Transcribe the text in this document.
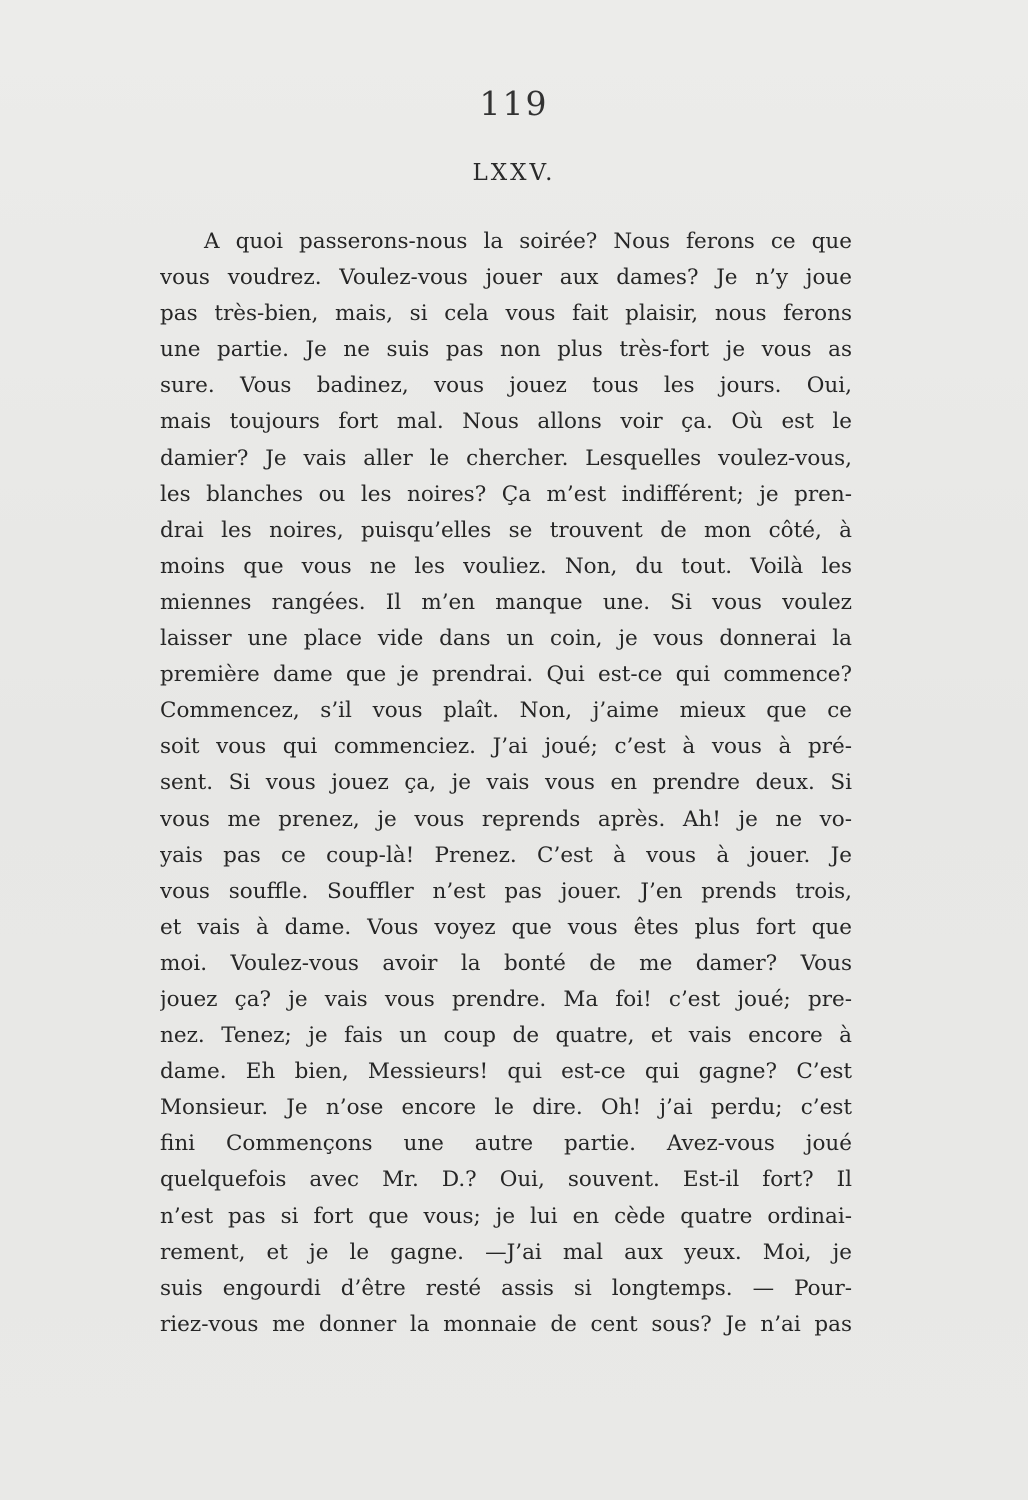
119
LXXV.
A quoi passerons-nous la soirée? Nous ferons ce que
vous voudrez. Voulez-vous jouer aux dames? Je n’y joue
pas très-bien, mais, si cela vous fait plaisir, nous ferons
une partie. Je ne suis pas non plus très-fort je vous as
sure. Vous badinez, vous jouez tous les jours. Oui,
mais toujours fort mal. Nous allons voir ça. Où est le
damier? Je vais aller le chercher. Lesquelles voulez-vous,
les blanches ou les noires? Ça m’est indifférent; je pren-
drai les noires, puisqu’elles se trouvent de mon côté, à
moins que vous ne les vouliez. Non, du tout. Voilà les
miennes rangées. Il m’en manque une. Si vous voulez
laisser une place vide dans un coin, je vous donnerai la
première dame que je prendrai. Qui est-ce qui commence?
Commencez, s’il vous plaît. Non, j’aime mieux que ce
soit vous qui commenciez. J’ai joué; c’est à vous à pré-
sent. Si vous jouez ça, je vais vous en prendre deux. Si
vous me prenez, je vous reprends après. Ah! je ne vo-
yais pas ce coup-là! Prenez. C’est à vous à jouer. Je
vous souffle. Souffler n’est pas jouer. J’en prends trois,
et vais à dame. Vous voyez que vous êtes plus fort que
moi. Voulez-vous avoir la bonté de me damer? Vous
jouez ça? je vais vous prendre. Ma foi! c’est joué; pre-
nez. Tenez; je fais un coup de quatre, et vais encore à
dame. Eh bien, Messieurs! qui est-ce qui gagne? C’est
Monsieur. Je n’ose encore le dire. Oh! j’ai perdu; c’est
fini Commençons une autre partie. Avez-vous joué
quelquefois avec Mr. D.? Oui, souvent. Est-il fort? Il
n’est pas si fort que vous; je lui en cède quatre ordinai-
rement, et je le gagne. —J’ai mal aux yeux. Moi, je
suis engourdi d’être resté assis si longtemps. — Pour-
riez-vous me donner la monnaie de cent sous? Je n’ai pas
